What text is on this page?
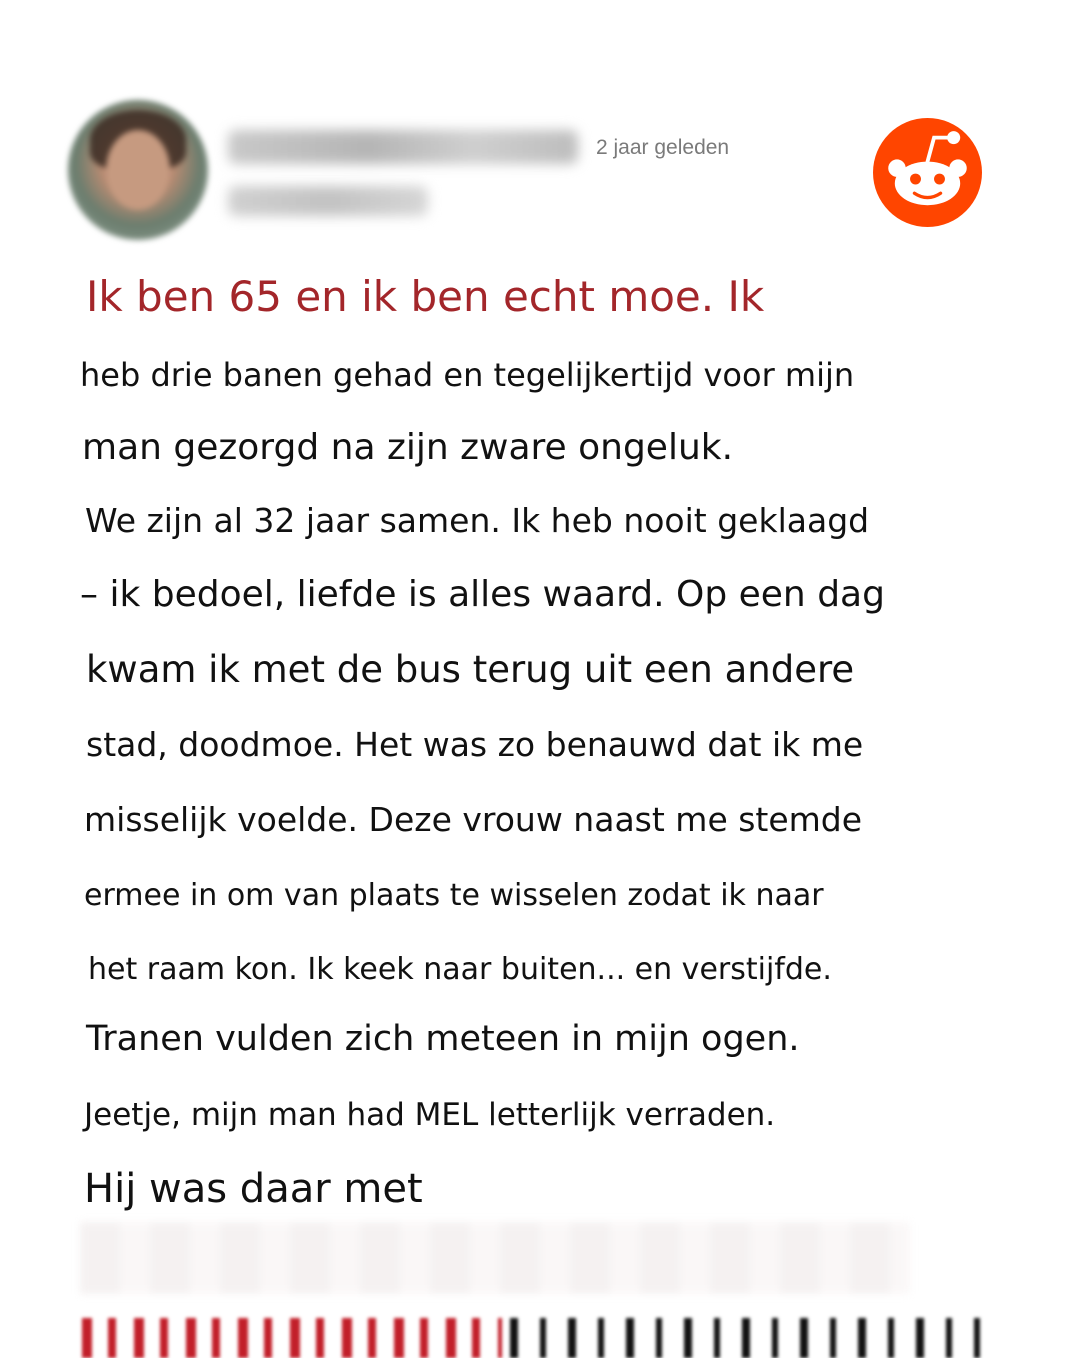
2 jaar geleden
Ik ben 65 en ik ben echt moe. Ik
heb drie banen gehad en tegelijkertijd voor mijn
man gezorgd na zijn zware ongeluk.
We zijn al 32 jaar samen. Ik heb nooit geklaagd
– ik bedoel, liefde is alles waard. Op een dag
kwam ik met de bus terug uit een andere
stad, doodmoe. Het was zo benauwd dat ik me
misselijk voelde. Deze vrouw naast me stemde
ermee in om van plaats te wisselen zodat ik naar
het raam kon. Ik keek naar buiten... en verstijfde.
Tranen vulden zich meteen in mijn ogen.
Jeetje, mijn man had MEL letterlijk verraden.
Hij was daar met
